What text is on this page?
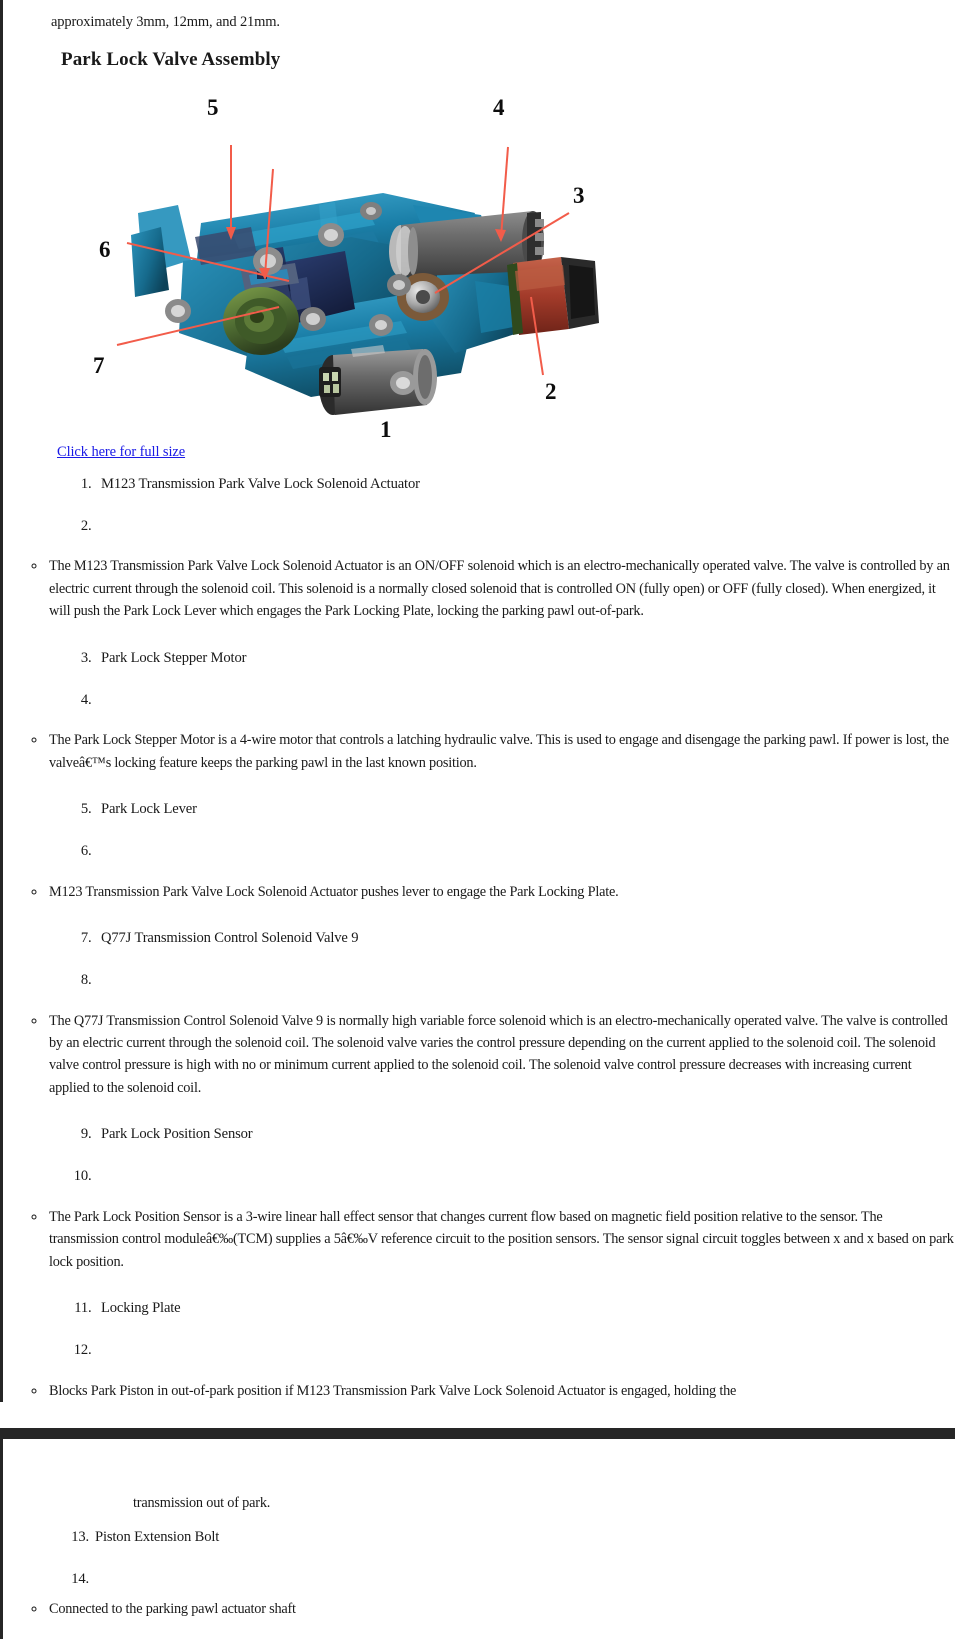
approximately 3mm, 12mm, and 21mm.
Park Lock Valve Assembly
5	4
3
6
7
1
2
Click here for full size
1. M123 Transmission Park Valve Lock Solenoid Actuator
2.
◦ The M123 Transmission Park Valve Lock Solenoid Actuator is an ON/OFF solenoid which is an electro-mechanically operated valve. The valve is controlled by an electric current through the solenoid coil. This solenoid is a normally closed solenoid that is controlled ON (fully open) or OFF (fully closed). When energized, it will push the Park Lock Lever which engages the Park Locking Plate, locking the parking pawl out-of-park.
3. Park Lock Stepper Motor
4.
◦ The Park Lock Stepper Motor is a 4-wire motor that controls a latching hydraulic valve. This is used to engage and disengage the parking pawl. If power is lost, the valveâ€™s locking feature keeps the parking pawl in the last known position.
5. Park Lock Lever
6.
◦ M123 Transmission Park Valve Lock Solenoid Actuator pushes lever to engage the Park Locking Plate.
7. Q77J Transmission Control Solenoid Valve 9
8.
◦ The Q77J Transmission Control Solenoid Valve 9 is normally high variable force solenoid which is an electro-mechanically operated valve. The valve is controlled by an electric current through the solenoid coil. The solenoid valve varies the control pressure depending on the current applied to the solenoid coil. The solenoid valve control pressure is high with no or minimum current applied to the solenoid coil. The solenoid valve control pressure decreases with increasing current applied to the solenoid coil.
9. Park Lock Position Sensor
10.
◦ The Park Lock Position Sensor is a 3-wire linear hall effect sensor that changes current flow based on magnetic field position relative to the sensor. The transmission control moduleâ€‰(TCM) supplies a 5â€‰V reference circuit to the position sensors. The sensor signal circuit toggles between x and x based on park lock position.
11. Locking Plate
12.
◦ Blocks Park Piston in out-of-park position if M123 Transmission Park Valve Lock Solenoid Actuator is engaged, holding the
transmission out of park.
13. Piston Extension Bolt
14.
◦ Connected to the parking pawl actuator shaft
